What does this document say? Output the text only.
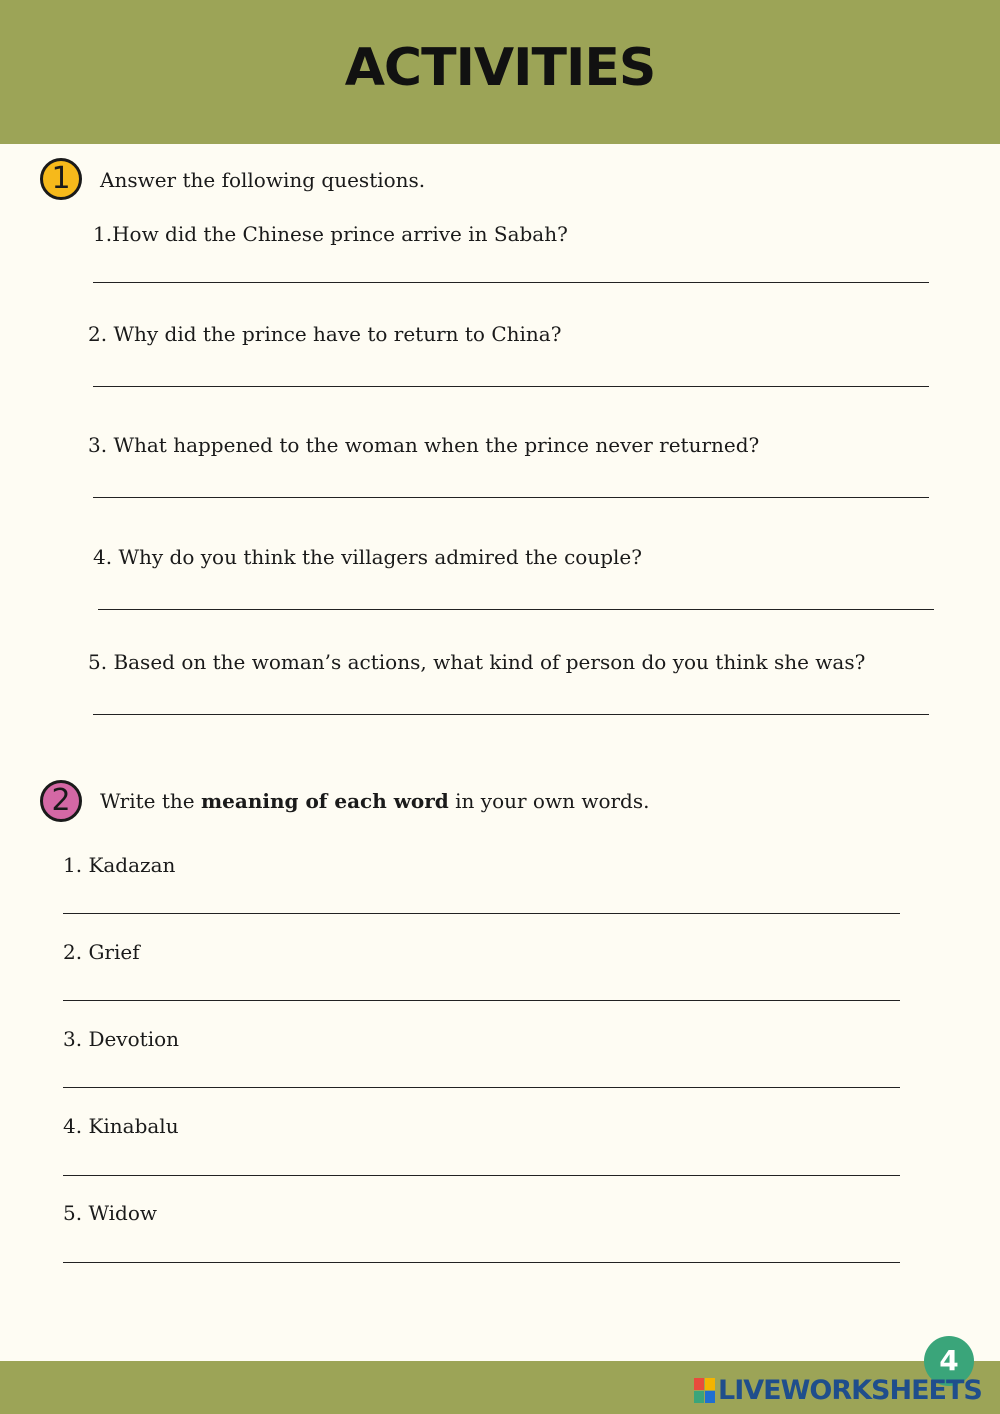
ACTIVITIES
1	Answer the following questions.
1.How did the Chinese prince arrive in Sabah?
2. Why did the prince have to return to China?
3. What happened to the woman when the prince never returned?
4. Why do you think the villagers admired the couple?
5. Based on the woman’s actions, what kind of person do you think she was?
2	Write the meaning of each word in your own words.
1. Kadazan
2. Grief
3. Devotion
4. Kinabalu
5. Widow
4
LIVEWORKSHEETS
